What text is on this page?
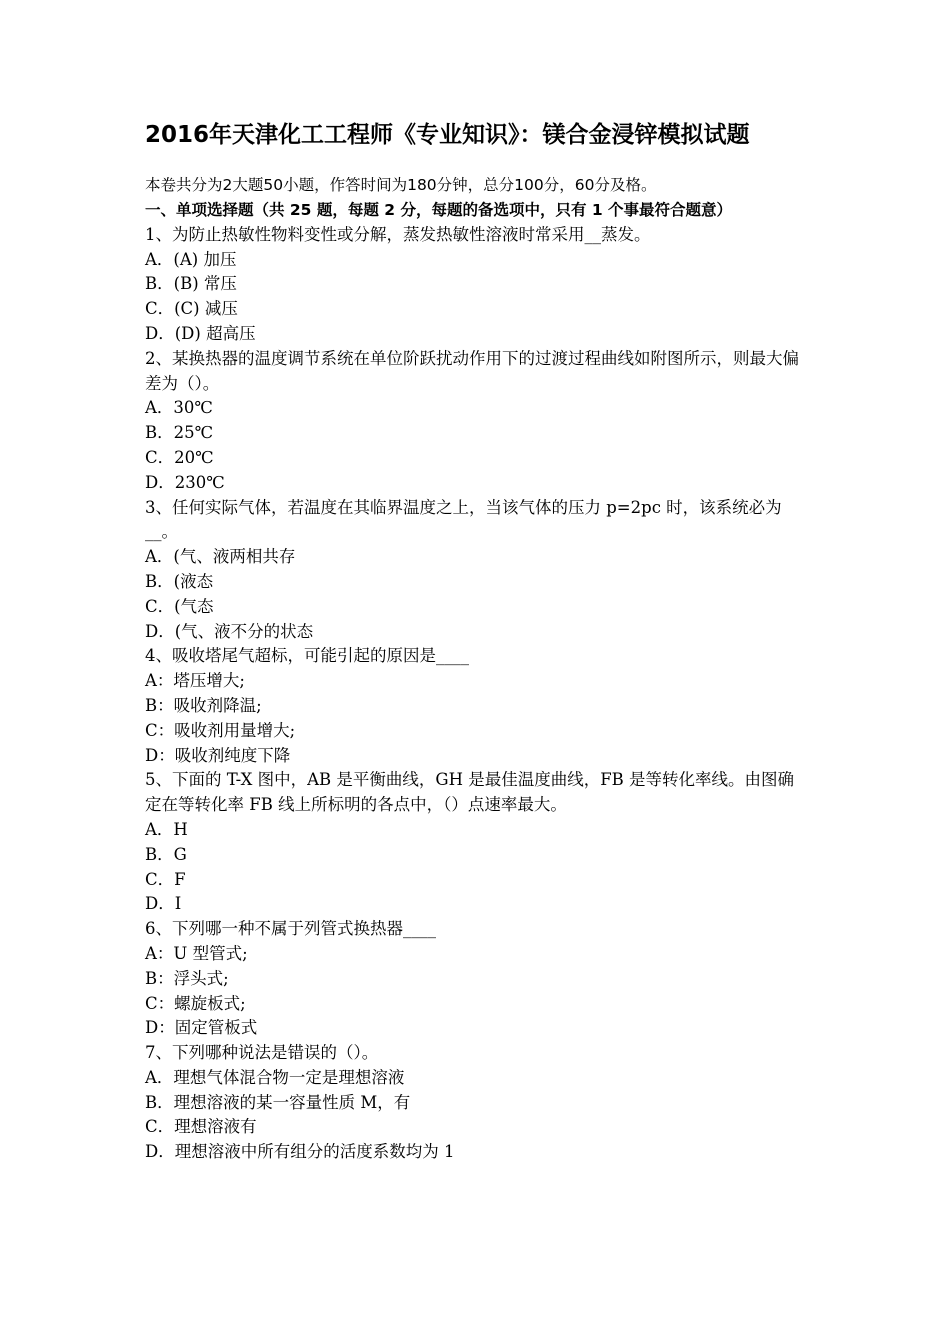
2016年天津化工工程师《专业知识》：镁合金浸锌模拟试题
本卷共分为2大题50小题，作答时间为180分钟，总分100分，60分及格。
一、单项选择题（共 25 题，每题 2 分，每题的备选项中，只有 1 个事最符合题意）
1、为防止热敏性物料变性或分解，蒸发热敏性溶液时常采用__蒸发。
A．(A) 加压
B．(B) 常压
C．(C) 减压
D．(D) 超高压
2、某换热器的温度调节系统在单位阶跃扰动作用下的过渡过程曲线如附图所示，则最大偏差为（）。
A．30℃
B．25℃
C．20℃
D．230℃
3、任何实际气体，若温度在其临界温度之上，当该气体的压力 p=2pc 时，该系统必为__。
A．(气、液两相共存
B．(液态
C．(气态
D．(气、液不分的状态
4、吸收塔尾气超标，可能引起的原因是____
A：塔压增大;
B：吸收剂降温;
C：吸收剂用量增大;
D：吸收剂纯度下降
5、下面的 T-X 图中，AB 是平衡曲线，GH 是最佳温度曲线，FB 是等转化率线。由图确定在等转化率 FB 线上所标明的各点中，（）点速率最大。
A．H
B．G
C．F
D．I
6、下列哪一种不属于列管式换热器____
A：U 型管式;
B：浮头式;
C：螺旋板式;
D：固定管板式
7、下列哪种说法是错误的（）。
A．理想气体混合物一定是理想溶液
B．理想溶液的某一容量性质 M，有
C．理想溶液有
D．理想溶液中所有组分的活度系数均为 1
